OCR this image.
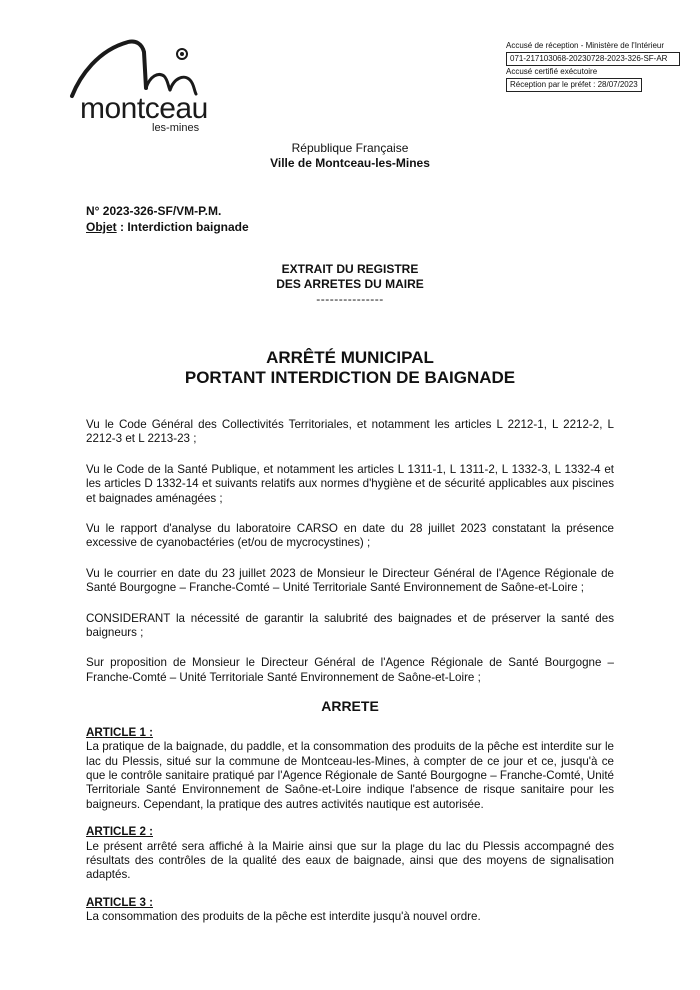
montceau
les-mines
Accusé de réception - Ministère de l'Intérieur
071-217103068-20230728-2023-326-SF-AR
Accusé certifié exécutoire
Réception par le préfet : 28/07/2023
République Française
Ville de Montceau-les-Mines
N° 2023-326-SF/VM-P.M.
Objet : Interdiction baignade
EXTRAIT DU REGISTRE
DES ARRETES DU MAIRE
---------------
ARRÊTÉ MUNICIPAL
PORTANT INTERDICTION DE BAIGNADE

Vu le Code Général des Collectivités Territoriales, et notamment les articles L 2212-1, L 2212-2, L 2212-3 et L 2213-23 ;

Vu le Code de la Santé Publique, et notamment les articles L 1311-1, L 1311-2, L 1332-3, L 1332-4 et les articles D 1332-14 et suivants relatifs aux normes d'hygiène et de sécurité applicables aux piscines et baignades aménagées ;

Vu le rapport d'analyse du laboratoire CARSO en date du 28 juillet 2023 constatant la présence excessive de cyanobactéries (et/ou de mycrocystines) ;

Vu le courrier en date du 23 juillet 2023 de Monsieur le Directeur Général de l'Agence Régionale de Santé Bourgogne – Franche-Comté – Unité Territoriale Santé Environnement de Saône-et-Loire ;

CONSIDERANT la nécessité de garantir la salubrité des baignades et de préserver la santé des baigneurs ;

Sur proposition de Monsieur le Directeur Général de l'Agence Régionale de Santé Bourgogne – Franche-Comté – Unité Territoriale Santé Environnement de Saône-et-Loire ;

ARRETE
ARTICLE 1 :

La pratique de la baignade, du paddle, et la consommation des produits de la pêche est interdite sur le lac du Plessis, situé sur la commune de Montceau-les-Mines, à compter de ce jour et ce, jusqu'à ce que le contrôle sanitaire pratiqué par l'Agence Régionale de Santé Bourgogne – Franche-Comté, Unité Territoriale Santé Environnement de Saône-et-Loire indique l'absence de risque sanitaire pour les baigneurs. Cependant, la pratique des autres activités nautique est autorisée.

ARTICLE 2 :

Le présent arrêté sera affiché à la Mairie ainsi que sur la plage du lac du Plessis accompagné des résultats des contrôles de la qualité des eaux de baignade, ainsi que des moyens de signalisation adaptés.

ARTICLE 3 :

La consommation des produits de la pêche est interdite jusqu'à nouvel ordre.
